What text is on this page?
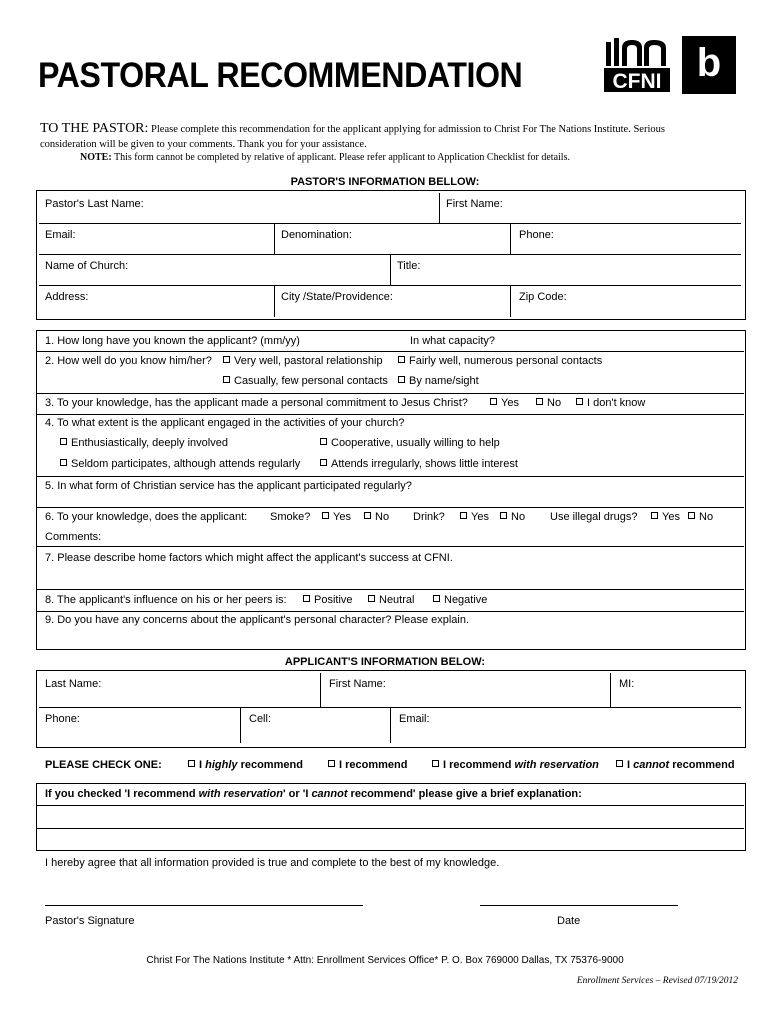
PASTORAL RECOMMENDATION	CFNI b
TO THE PASTOR: Please complete this recommendation for the applicant applying for admission to Christ For The Nations Institute. Serious
consideration will be given to your comments. Thank you for your assistance.
NOTE: This form cannot be completed by relative of applicant. Please refer applicant to Application Checklist for details.
PASTOR'S INFORMATION BELLOW:
Pastor's Last Name:	First Name:
Email:	Denomination:	Phone:
Name of Church:	Title:
Address:	City /State/Providence:	Zip Code:
1. How long have you known the applicant? (mm/yy)	In what capacity?
2. How well do you know him/her?	Very well, pastoral relationship	Fairly well, numerous personal contacts
Casually, few personal contacts	By name/sight
3. To your knowledge, has the applicant made a personal commitment to Jesus Christ?	Yes	No	I don't know
4. To what extent is the applicant engaged in the activities of your church?
Enthusiastically, deeply involved	Cooperative, usually willing to help
Seldom participates, although attends regularly	Attends irregularly, shows little interest
5. In what form of Christian service has the applicant participated regularly?
6. To your knowledge, does the applicant: Smoke?	Yes	No Drink?	Yes	No Use illegal drugs?	Yes	No
Comments:
7. Please describe home factors which might affect the applicant's success at CFNI.
8. The applicant's influence on his or her peers is:	Positive	Neutral	Negative
9. Do you have any concerns about the applicant's personal character? Please explain.
APPLICANT'S INFORMATION BELOW:
Last Name:	First Name:	MI:
Phone:	Cell:	Email:
PLEASE CHECK ONE:	I highly recommend	I recommend	I recommend with reservation	I cannot recommend
If you checked 'I recommend with reservation' or 'I cannot recommend' please give a brief explanation:
I hereby agree that all information provided is true and complete to the best of my knowledge.
Pastor's Signature	Date
Christ For The Nations Institute * Attn: Enrollment Services Office* P. O. Box 769000 Dallas, TX 75376-9000
Enrollment Services – Revised 07/19/2012
